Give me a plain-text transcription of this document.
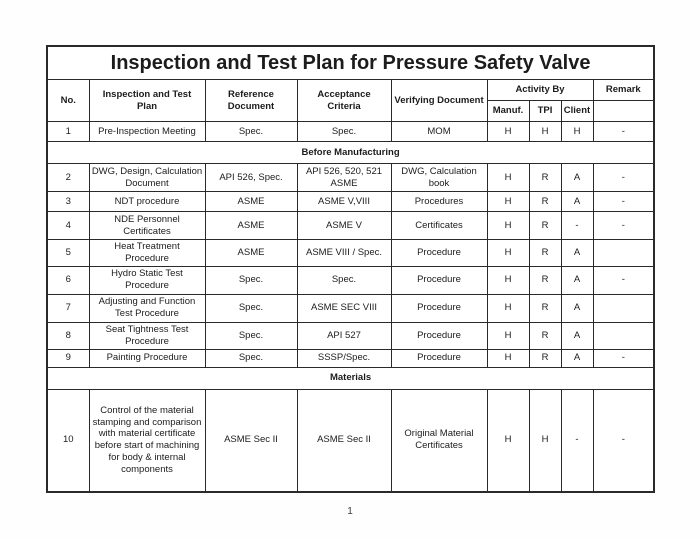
Inspection and Test Plan for Pressure Safety Valve								
No.	Inspection and Test Plan	Reference Document	Acceptance Criteria	Verifying Document	Activity By			Remark
					Manuf.	TPI	Client	
1	Pre-Inspection Meeting	Spec.	Spec.	MOM	H	H	H	-
Before Manufacturing								
2	DWG, Design, Calculation Document	API 526, Spec.	API 526, 520, 521 ASME	DWG, Calculation book	H	R	A	-
3	NDT procedure	ASME	ASME V,VIII	Procedures	H	R	A	-
4	NDE Personnel Certificates	ASME	ASME V	Certificates	H	R	-	-
5	Heat Treatment Procedure	ASME	ASME VIII / Spec.	Procedure	H	R	A	
6	Hydro Static Test Procedure	Spec.	Spec.	Procedure	H	R	A	-
7	Adjusting and Function Test Procedure	Spec.	ASME SEC VIII	Procedure	H	R	A	
8	Seat Tightness Test Procedure	Spec.	API 527	Procedure	H	R	A	
9	Painting Procedure	Spec.	SSSP/Spec.	Procedure	H	R	A	-
Materials								
10	Control of the material stamping and comparison with material certificate before start of machining for body & internal components	ASME Sec II	ASME Sec II	Original Material Certificates	H	H	-	-
1
